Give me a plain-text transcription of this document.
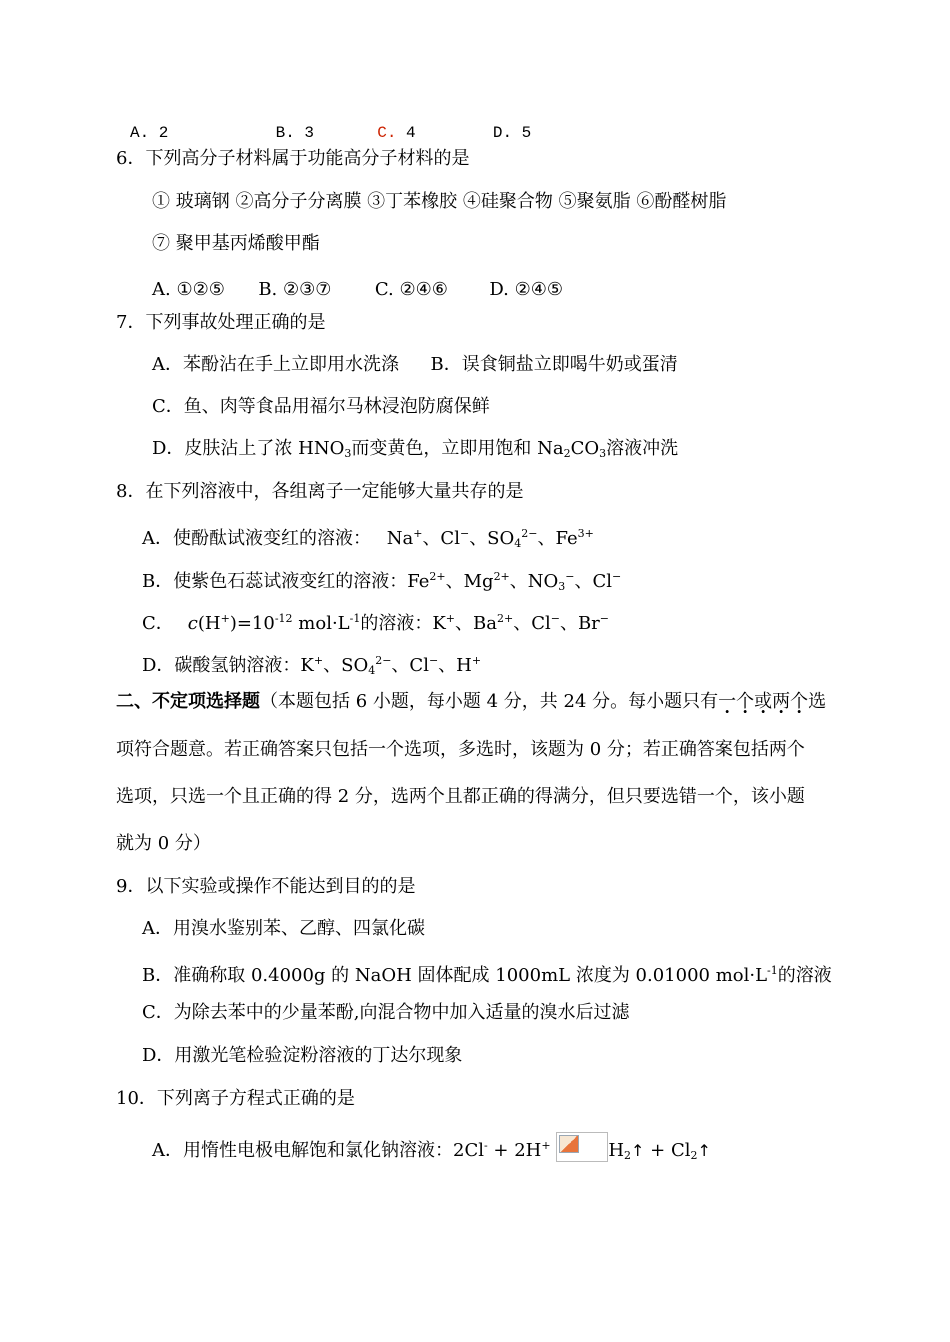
A. 2	B. 3	C. 4	D. 5
6．下列高分子材料属于功能高分子材料的是
① 玻璃钢 ②高分子分离膜 ③丁苯橡胶 ④硅聚合物 ⑤聚氨脂 ⑥酚醛树脂
⑦ 聚甲基丙烯酸甲酯
A. ①②⑤ B. ②③⑦ C. ②④⑥ D. ②④⑤
7．下列事故处理正确的是
A．苯酚沾在手上立即用水洗涤 B．误食铜盐立即喝牛奶或蛋清
C．鱼、肉等食品用福尔马林浸泡防腐保鲜
D．皮肤沾上了浓 $HNO_3$而变黄色，立即用饱和 $Na_2CO_3$溶液冲洗
8．在下列溶液中，各组离子一定能够大量共存的是
A．使酚酞试液变红的溶液： Na+、Cl−、$SO_4^{2-}$、$Fe^{3+}$
B．使紫色石蕊试液变红的溶液：$Fe^{2+}$、$Mg^{2+}$、$NO_3^-$、Cl−
C． $c(H^+)=10^{-12}$ $mol\cdot L^{-1}$的溶液：K+、$Ba^{2+}$、Cl−、Br−
D．碳酸氢钠溶液：K+、$SO_4^{2-}$、Cl−、H+
二、不定项选择题（本题包括 6 小题，每小题 4 分，共 24 分。每小题只有一个或两个选
项符合题意。若正确答案只包括一个选项，多选时，该题为 0 分；若正确答案包括两个
选项，只选一个且正确的得 2 分，选两个且都正确的得满分，但只要选错一个，该小题
就为 0 分）
9．以下实验或操作不能达到目的的是
A．用溴水鉴别苯、乙醇、四氯化碳
B．准确称取 0.4000g 的 NaOH 固体配成 1000mL 浓度为 0.01000 $mol\cdot L^{-1}$的溶液
C．为除去苯中的少量苯酚,向混合物中加入适量的溴水后过滤
D．用激光笔检验淀粉溶液的丁达尔现象
10．下列离子方程式正确的是
A．用惰性电极电解饱和氯化钠溶液：2Cl- + 2H+	$H_2↑$ + $Cl_2↑$
